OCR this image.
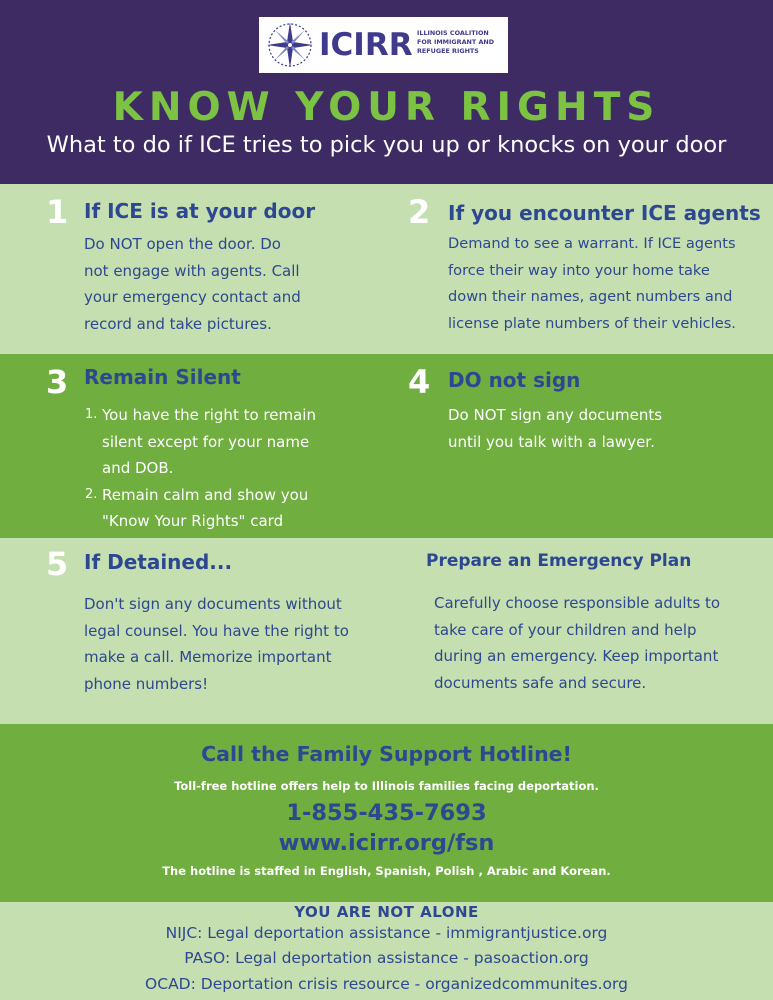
ICIRR ILLINOIS COALITION
FOR IMMIGRANT AND
REFUGEE RIGHTS
KNOW YOUR RIGHTS
What to do if ICE tries to pick you up or knocks on your door
1 If ICE is at your door
Do NOT open the door. Do
not engage with agents. Call
your emergency contact and
record and take pictures.
2 If you encounter ICE agents
Demand to see a warrant. If ICE agents
force their way into your home take
down their names, agent numbers and
license plate numbers of their vehicles.
3 Remain Silent
1. You have the right to remain
silent except for your name
and DOB.
2. Remain calm and show you
"Know Your Rights" card
4 DO not sign
Do NOT sign any documents
until you talk with a lawyer.
5 If Detained...
Don't sign any documents without
legal counsel. You have the right to
make a call. Memorize important
phone numbers!
Prepare an Emergency Plan
Carefully choose responsible adults to
take care of your children and help
during an emergency. Keep important
documents safe and secure.
Call the Family Support Hotline!
Toll-free hotline offers help to Illinois families facing deportation.
1-855-435-7693
www.icirr.org/fsn
The hotline is staffed in English, Spanish, Polish , Arabic and Korean.
YOU ARE NOT ALONE
NIJC: Legal deportation assistance - immigrantjustice.org
PASO: Legal deportation assistance - pasoaction.org
OCAD: Deportation crisis resource - organizedcommunites.org
